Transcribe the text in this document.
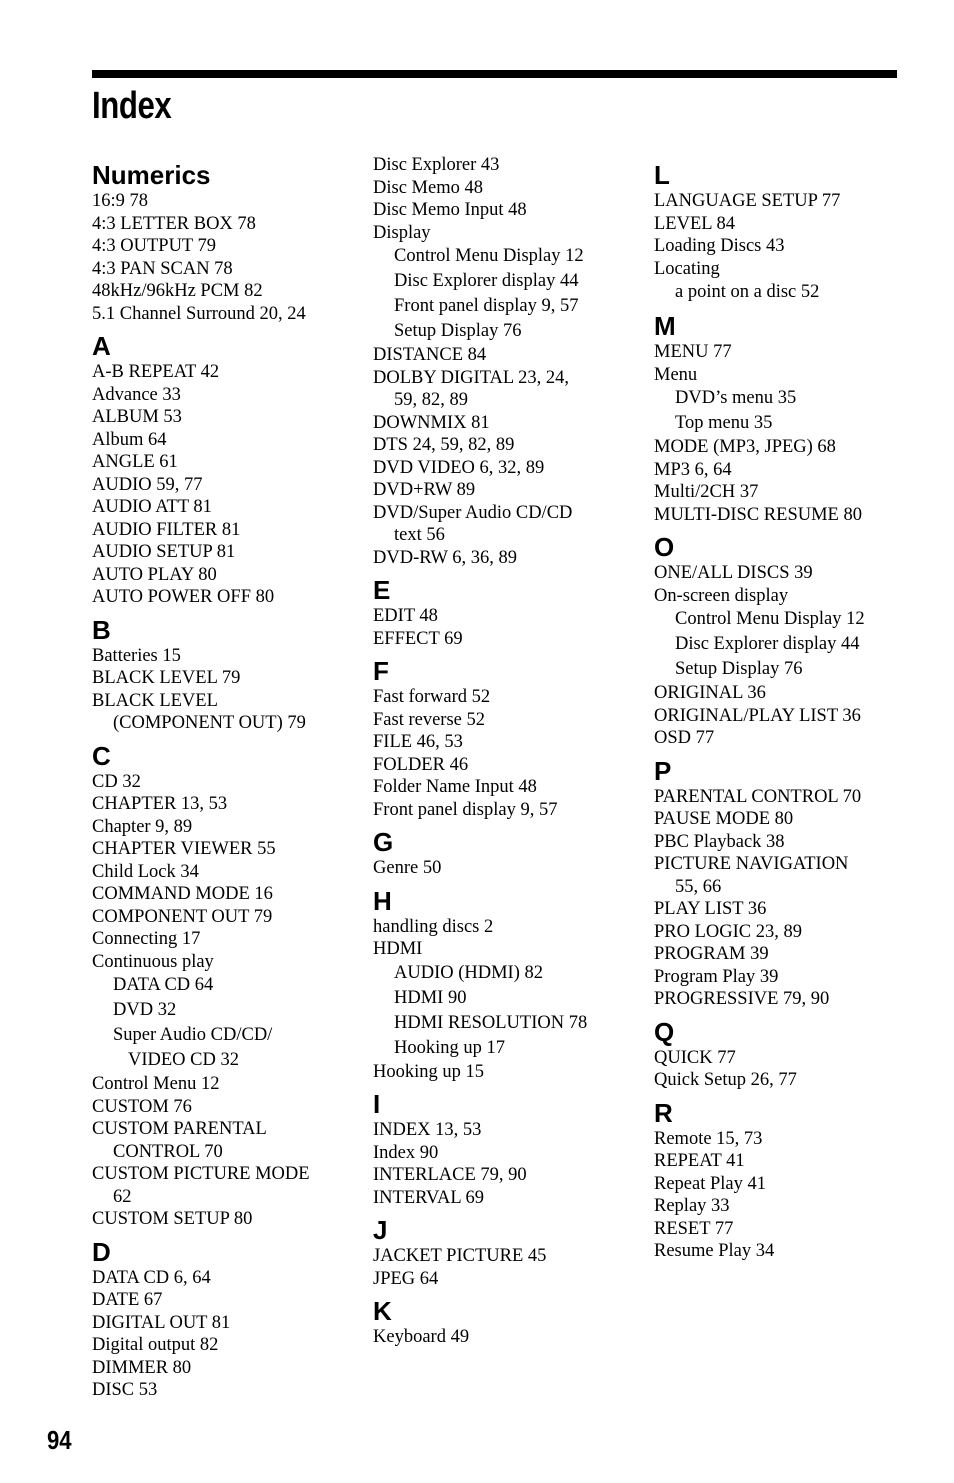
Index
Numerics
16:9 78
4:3 LETTER BOX 78
4:3 OUTPUT 79
4:3 PAN SCAN 78
48kHz/96kHz PCM 82
5.1 Channel Surround 20, 24
A
A-B REPEAT 42
Advance 33
ALBUM 53
Album 64
ANGLE 61
AUDIO 59, 77
AUDIO ATT 81
AUDIO FILTER 81
AUDIO SETUP 81
AUTO PLAY 80
AUTO POWER OFF 80
B
Batteries 15
BLACK LEVEL 79
BLACK LEVEL
(COMPONENT OUT) 79
C
CD 32
CHAPTER 13, 53
Chapter 9, 89
CHAPTER VIEWER 55
Child Lock 34
COMMAND MODE 16
COMPONENT OUT 79
Connecting 17
Continuous play
DATA CD 64
DVD 32
Super Audio CD/CD/
VIDEO CD 32
Control Menu 12
CUSTOM 76
CUSTOM PARENTAL
CONTROL 70
CUSTOM PICTURE MODE
62
CUSTOM SETUP 80
D
DATA CD 6, 64
DATE 67
DIGITAL OUT 81
Digital output 82
DIMMER 80
DISC 53
Disc Explorer 43
Disc Memo 48
Disc Memo Input 48
Display
Control Menu Display 12
Disc Explorer display 44
Front panel display 9, 57
Setup Display 76
DISTANCE 84
DOLBY DIGITAL 23, 24,
59, 82, 89
DOWNMIX 81
DTS 24, 59, 82, 89
DVD VIDEO 6, 32, 89
DVD+RW 89
DVD/Super Audio CD/CD
text 56
DVD-RW 6, 36, 89
E
EDIT 48
EFFECT 69
F
Fast forward 52
Fast reverse 52
FILE 46, 53
FOLDER 46
Folder Name Input 48
Front panel display 9, 57
G
Genre 50
H
handling discs 2
HDMI
AUDIO (HDMI) 82
HDMI 90
HDMI RESOLUTION 78
Hooking up 17
Hooking up 15
I
INDEX 13, 53
Index 90
INTERLACE 79, 90
INTERVAL 69
J
JACKET PICTURE 45
JPEG 64
K
Keyboard 49
L
LANGUAGE SETUP 77
LEVEL 84
Loading Discs 43
Locating
a point on a disc 52
M
MENU 77
Menu
DVD’s menu 35
Top menu 35
MODE (MP3, JPEG) 68
MP3 6, 64
Multi/2CH 37
MULTI-DISC RESUME 80
O
ONE/ALL DISCS 39
On-screen display
Control Menu Display 12
Disc Explorer display 44
Setup Display 76
ORIGINAL 36
ORIGINAL/PLAY LIST 36
OSD 77
P
PARENTAL CONTROL 70
PAUSE MODE 80
PBC Playback 38
PICTURE NAVIGATION
55, 66
PLAY LIST 36
PRO LOGIC 23, 89
PROGRAM 39
Program Play 39
PROGRESSIVE 79, 90
Q
QUICK 77
Quick Setup 26, 77
R
Remote 15, 73
REPEAT 41
Repeat Play 41
Replay 33
RESET 77
Resume Play 34
94
